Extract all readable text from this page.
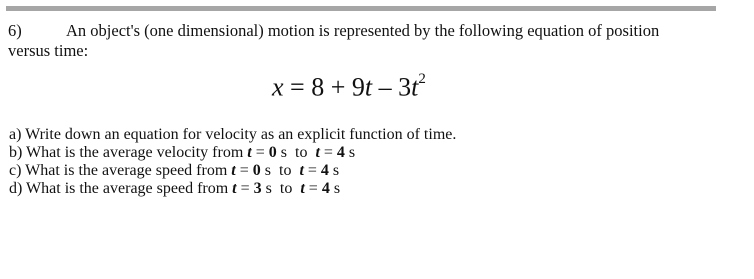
6)	An object's (one dimensional) motion is represented by the following equation of position
versus time:
$x = 8 + 9t - 3t^2$
a) Write down an equation for velocity as an explicit function of time.
b) What is the average velocity from t = 0 s  to  t = 4 s
c) What is the average speed from t = 0 s  to  t = 4 s
d) What is the average speed from t = 3 s  to  t = 4 s
